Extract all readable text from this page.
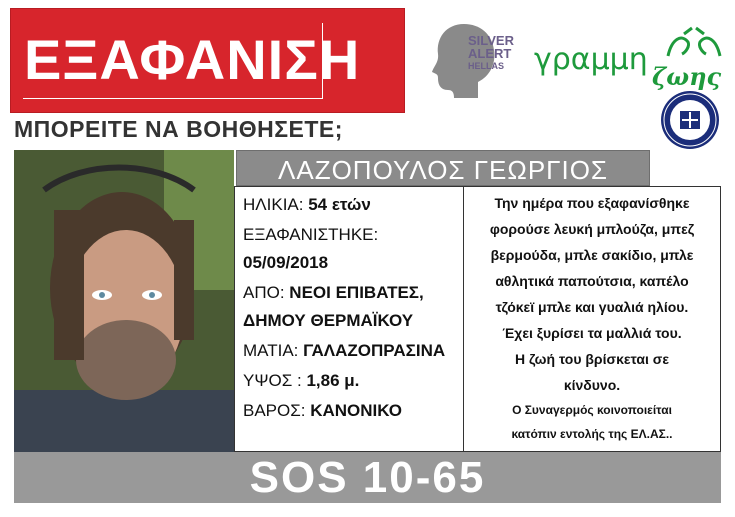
ΕΞΑΦΑΝΙΣΗ
ΜΠΟΡΕΙΤΕ ΝΑ ΒΟΗΘΗΣΕΤΕ;
SILVER
ALERT
HELLAS	γραμμη ζωης
ΛΑΖΟΠΟΥΛΟΣ ΓΕΩΡΓΙΟΣ
ΗΛΙΚΙΑ: 54 ετών
ΕΞΑΦΑΝΙΣΤΗΚΕ:
05/09/2018
ΑΠΟ: ΝΕΟΙ ΕΠΙΒΑΤΕΣ,
ΔΗΜΟΥ ΘΕΡΜΑΪΚΟΥ
ΜΑΤΙΑ: ΓΑΛΑΖΟΠΡΑΣΙΝΑ
ΥΨΟΣ : 1,86 μ.
ΒΑΡΟΣ: ΚΑΝΟΝΙΚΟ
Την ημέρα που εξαφανίσθηκε
φορούσε λευκή μπλούζα, μπεζ
βερμούδα, μπλε σακίδιο, μπλε
αθλητικά παπούτσια, καπέλο
τζόκεϊ μπλε και γυαλιά ηλίου.
Έχει ξυρίσει τα μαλλιά του.
Η ζωή του βρίσκεται σε
κίνδυνο.
Ο Συναγερμός κοινοποιείται
κατόπιν εντολής της ΕΛ.ΑΣ..
SOS 10-65
